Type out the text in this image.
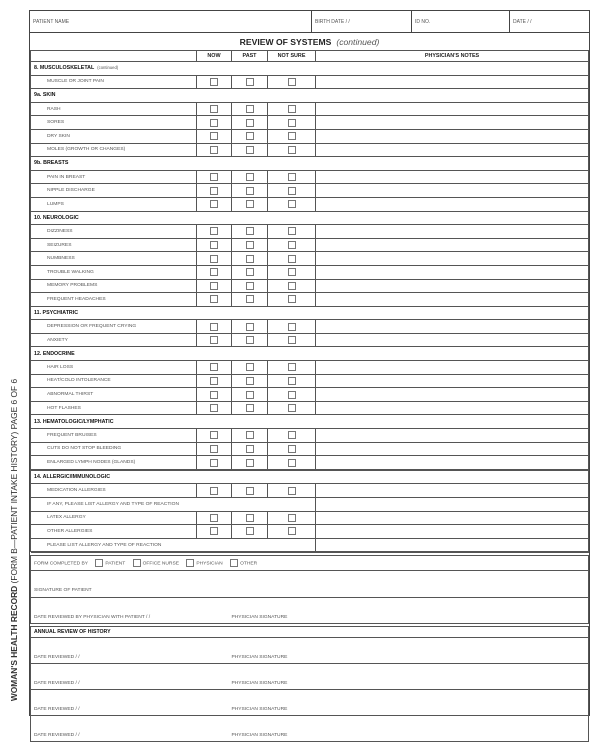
WOMAN'S HEALTH RECORD (FORM B—PATIENT INTAKE HISTORY) PAGE 6 OF 6
PATIENT NAME	BIRTH DATE / /	ID NO.	DATE / /
REVIEW OF SYSTEMS (continued)
	NOW	PAST	NOT SURE	PHYSICIAN'S NOTES
8. MUSCULOSKELETAL (continued)				
MUSCLE OR JOINT PAIN				
9a. SKIN				
RASH				
SORES				
DRY SKIN				
MOLES (GROWTH OR CHANGES)				
9b. BREASTS				
PAIN IN BREAST				
NIPPLE DISCHARGE				
LUMPS				
10. NEUROLOGIC				
DIZZINESS				
SEIZURES				
NUMBNESS				
TROUBLE WALKING				
MEMORY PROBLEMS				
FREQUENT HEADACHES				
11. PSYCHIATRIC				
DEPRESSION OR FREQUENT CRYING				
ANXIETY				
12. ENDOCRINE				
HAIR LOSS				
HEAT/COLD INTOLERANCE				
ABNORMAL THIRST				
HOT FLASHES				
13. HEMATOLOGIC/LYMPHATIC				
FREQUENT BRUISES				
CUTS DO NOT STOP BLEEDING				
ENLARGED LYMPH NODES (GLANDS)				
14. ALLERGIC/IMMUNOLOGIC				
MEDICATION ALLERGIES				
IF ANY, PLEASE LIST ALLERGY AND TYPE OF REACTION				
LATEX ALLERGY				
OTHER ALLERGIES				
PLEASE LIST ALLERGY AND TYPE OF REACTION				

FORM COMPLETED BY PATIENT OFFICE NURSE PHYSICIAN OTHER	
SIGNATURE OF PATIENT	
DATE REVIEWED BY PHYSICIAN WITH PATIENT / /	PHYSICIAN SIGNATURE

ANNUAL REVIEW OF HISTORY	
DATE REVIEWED / /	PHYSICIAN SIGNATURE
DATE REVIEWED / /	PHYSICIAN SIGNATURE
DATE REVIEWED / /	PHYSICIAN SIGNATURE
DATE REVIEWED / /	PHYSICIAN SIGNATURE
